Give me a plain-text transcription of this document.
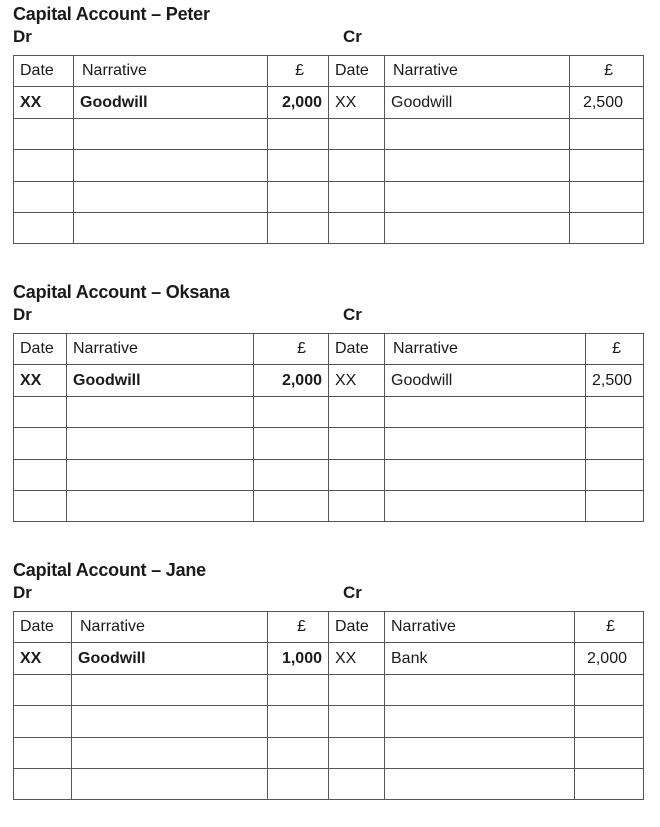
Capital Account – Peter
Dr	Cr
Date	Narrative	£	Date	Narrative	£
XX	Goodwill	2,000	XX	Goodwill	2,500

Capital Account – Oksana
Dr	Cr
Date	Narrative	£	Date	Narrative	£
XX	Goodwill	2,000	XX	Goodwill	2,500

Capital Account – Jane
Dr	Cr
Date	Narrative	£	Date	Narrative	£
XX	Goodwill	1,000	XX	Bank	2,000
